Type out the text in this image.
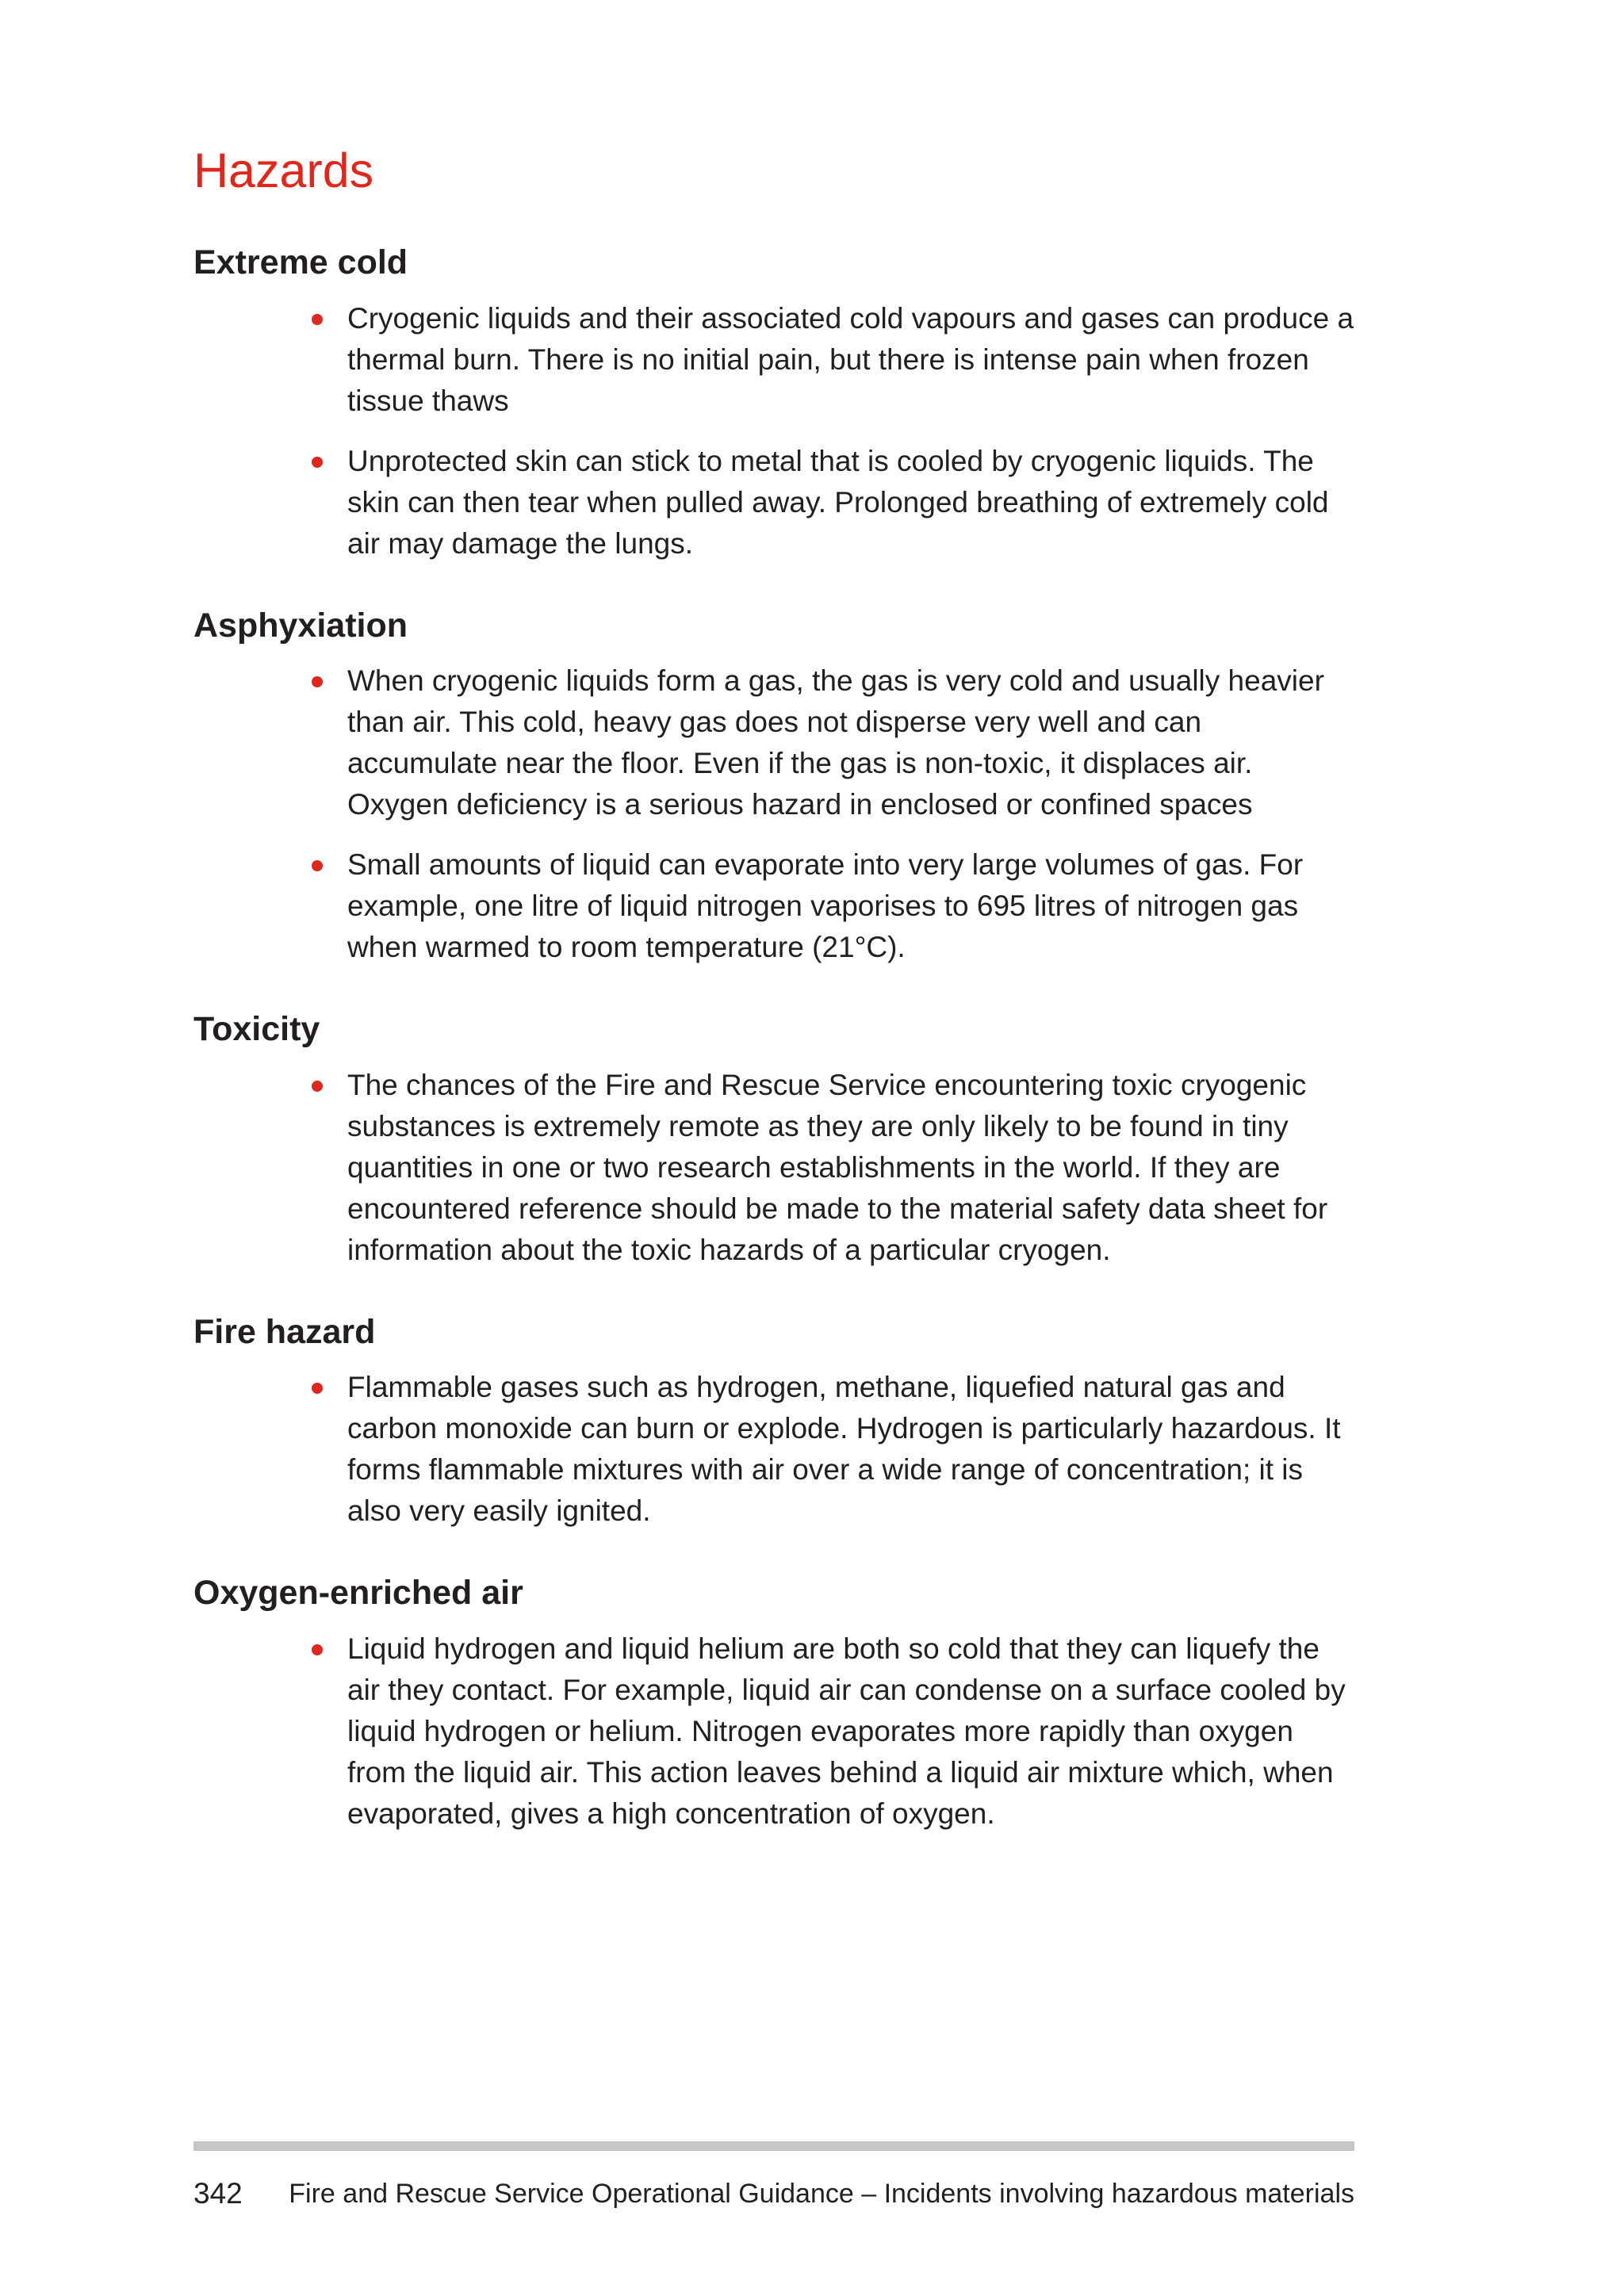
Hazards
Extreme cold
Cryogenic liquids and their associated cold vapours and gases can produce a thermal burn. There is no initial pain, but there is intense pain when frozen tissue thaws
Unprotected skin can stick to metal that is cooled by cryogenic liquids. The skin can then tear when pulled away. Prolonged breathing of extremely cold air may damage the lungs.
Asphyxiation
When cryogenic liquids form a gas, the gas is very cold and usually heavier than air. This cold, heavy gas does not disperse very well and can accumulate near the floor. Even if the gas is non-toxic, it displaces air. Oxygen deficiency is a serious hazard in enclosed or confined spaces
Small amounts of liquid can evaporate into very large volumes of gas. For example, one litre of liquid nitrogen vaporises to 695 litres of nitrogen gas when warmed to room temperature (21°C).
Toxicity
The chances of the Fire and Rescue Service encountering toxic cryogenic substances is extremely remote as they are only likely to be found in tiny quantities in one or two research establishments in the world. If they are encountered reference should be made to the material safety data sheet for information about the toxic hazards of a particular cryogen.
Fire hazard
Flammable gases such as hydrogen, methane, liquefied natural gas and carbon monoxide can burn or explode. Hydrogen is particularly hazardous. It forms flammable mixtures with air over a wide range of concentration; it is also very easily ignited.
Oxygen-enriched air
Liquid hydrogen and liquid helium are both so cold that they can liquefy the air they contact. For example, liquid air can condense on a surface cooled by liquid hydrogen or helium. Nitrogen evaporates more rapidly than oxygen from the liquid air. This action leaves behind a liquid air mixture which, when evaporated, gives a high concentration of oxygen.
342 Fire and Rescue Service Operational Guidance – Incidents involving hazardous materials
